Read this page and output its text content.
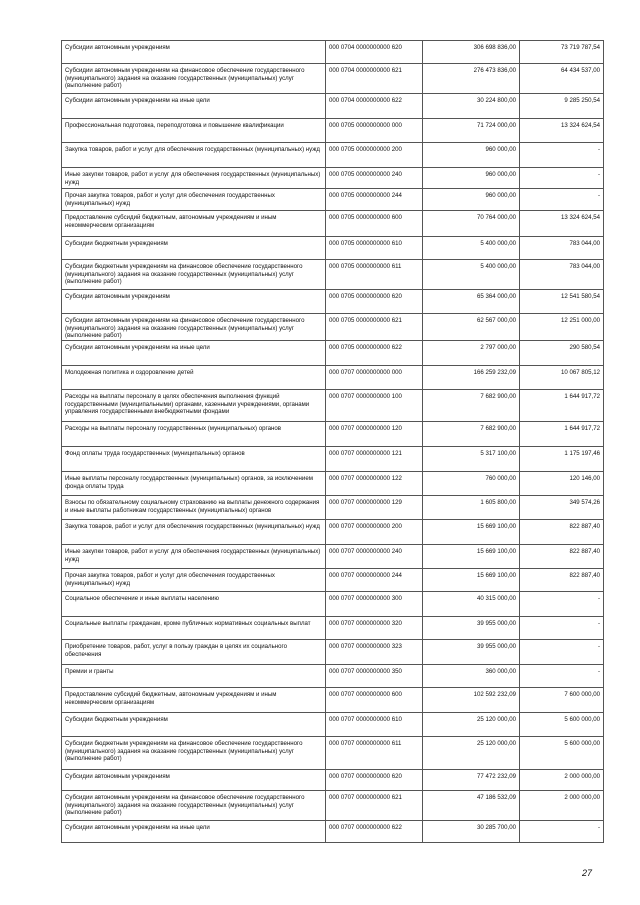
Субсидии автономным учреждениям	000 0704 0000000000 620	306 698 836,00	73 719 787,54
Субсидии автономным учреждениям на финансовое обеспечение государственного (муниципального) задания на оказание государственных (муниципальных) услуг (выполнение работ)	000 0704 0000000000 621	276 473 836,00	64 434 537,00
Субсидии автономным учреждениям на иные цели	000 0704 0000000000 622	30 224 800,00	9 285 250,54
Профессиональная подготовка, переподготовка и повышение квалификации	000 0705 0000000000 000	71 724 000,00	13 324 624,54
Закупка товаров, работ и услуг для обеспечения государственных (муниципальных) нужд	000 0705 0000000000 200	960 000,00	-
Иные закупки товаров, работ и услуг для обеспечения государственных (муниципальных) нужд	000 0705 0000000000 240	960 000,00	-
Прочая закупка товаров, работ и услуг для обеспечения государственных (муниципальных) нужд	000 0705 0000000000 244	960 000,00	-
Предоставление субсидий бюджетным, автономным учреждениям и иным некоммерческим организациям	000 0705 0000000000 600	70 764 000,00	13 324 624,54
Субсидии бюджетным учреждениям	000 0705 0000000000 610	5 400 000,00	783 044,00
Субсидии бюджетным учреждениям на финансовое обеспечение государственного (муниципального) задания на оказание государственных (муниципальных) услуг (выполнение работ)	000 0705 0000000000 611	5 400 000,00	783 044,00
Субсидии автономным учреждениям	000 0705 0000000000 620	65 364 000,00	12 541 580,54
Субсидии автономным учреждениям на финансовое обеспечение государственного (муниципального) задания на оказание государственных (муниципальных) услуг (выполнение работ)	000 0705 0000000000 621	62 567 000,00	12 251 000,00
Субсидии автономным учреждениям на иные цели	000 0705 0000000000 622	2 797 000,00	290 580,54
Молодежная политика и оздоровление детей	000 0707 0000000000 000	166 259 232,09	10 067 805,12
Расходы на выплаты персоналу в целях обеспечения выполнения функций государственными (муниципальными) органами, казенными учреждениями, органами управления государственными внебюджетными фондами	000 0707 0000000000 100	7 682 900,00	1 644 917,72
Расходы на выплаты персоналу государственных (муниципальных) органов	000 0707 0000000000 120	7 682 900,00	1 644 917,72
Фонд оплаты труда государственных (муниципальных) органов	000 0707 0000000000 121	5 317 100,00	1 175 197,46
Иные выплаты персоналу государственных (муниципальных) органов, за исключением фонда оплаты труда	000 0707 0000000000 122	760 000,00	120 146,00
Взносы по обязательному социальному страхованию на выплаты денежного содержания и иные выплаты работникам государственных (муниципальных) органов	000 0707 0000000000 129	1 605 800,00	349 574,26
Закупка товаров, работ и услуг для обеспечения государственных (муниципальных) нужд	000 0707 0000000000 200	15 669 100,00	822 887,40
Иные закупки товаров, работ и услуг для обеспечения государственных (муниципальных) нужд	000 0707 0000000000 240	15 669 100,00	822 887,40
Прочая закупка товаров, работ и услуг для обеспечения государственных (муниципальных) нужд	000 0707 0000000000 244	15 669 100,00	822 887,40
Социальное обеспечение и иные выплаты населению	000 0707 0000000000 300	40 315 000,00	-
Социальные выплаты гражданам, кроме публичных нормативных социальных выплат	000 0707 0000000000 320	39 955 000,00	-
Приобретение товаров, работ, услуг в пользу граждан в целях их социального обеспечения	000 0707 0000000000 323	39 955 000,00	-
Премии и гранты	000 0707 0000000000 350	360 000,00	-
Предоставление субсидий бюджетным, автономным учреждениям и иным некоммерческим организациям	000 0707 0000000000 600	102 592 232,09	7 600 000,00
Субсидии бюджетным учреждениям	000 0707 0000000000 610	25 120 000,00	5 600 000,00
Субсидии бюджетным учреждениям на финансовое обеспечение государственного (муниципального) задания на оказание государственных (муниципальных) услуг (выполнение работ)	000 0707 0000000000 611	25 120 000,00	5 600 000,00
Субсидии автономным учреждениям	000 0707 0000000000 620	77 472 232,09	2 000 000,00
Субсидии автономным учреждениям на финансовое обеспечение государственного (муниципального) задания на оказание государственных (муниципальных) услуг (выполнение работ)	000 0707 0000000000 621	47 186 532,09	2 000 000,00
Субсидии автономным учреждениям на иные цели	000 0707 0000000000 622	30 285 700,00	-
27
